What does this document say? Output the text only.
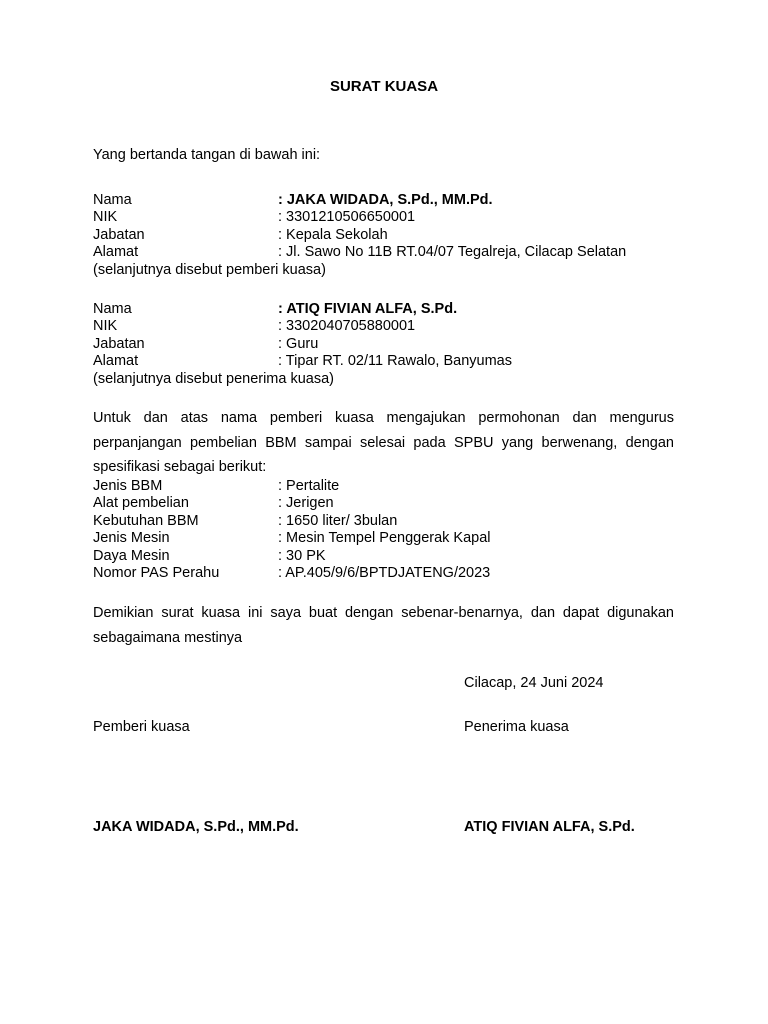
SURAT KUASA
Yang bertanda tangan di bawah ini:
Nama	: JAKA WIDADA, S.Pd., MM.Pd.
NIK	: 3301210506650001
Jabatan	: Kepala Sekolah
Alamat	: Jl. Sawo No 11B RT.04/07 Tegalreja, Cilacap Selatan
(selanjutnya disebut pemberi kuasa)
Nama	: ATIQ FIVIAN ALFA, S.Pd.
NIK	: 3302040705880001
Jabatan	: Guru
Alamat	: Tipar RT. 02/11 Rawalo, Banyumas
(selanjutnya disebut penerima kuasa)
Untuk dan atas nama pemberi kuasa mengajukan permohonan dan mengurus
perpanjangan pembelian BBM sampai selesai pada SPBU yang berwenang, dengan
spesifikasi sebagai berikut:
Jenis BBM	: Pertalite
Alat pembelian	: Jerigen
Kebutuhan BBM	: 1650 liter/ 3bulan
Jenis Mesin	: Mesin Tempel Penggerak Kapal
Daya Mesin	: 30 PK
Nomor PAS Perahu	: AP.405/9/6/BPTDJATENG/2023
Demikian surat kuasa ini saya buat dengan sebenar-benarnya, dan dapat digunakan
sebagaimana mestinya
Cilacap, 24 Juni 2024
Pemberi kuasa	Penerima kuasa
JAKA WIDADA, S.Pd., MM.Pd.	ATIQ FIVIAN ALFA, S.Pd.
